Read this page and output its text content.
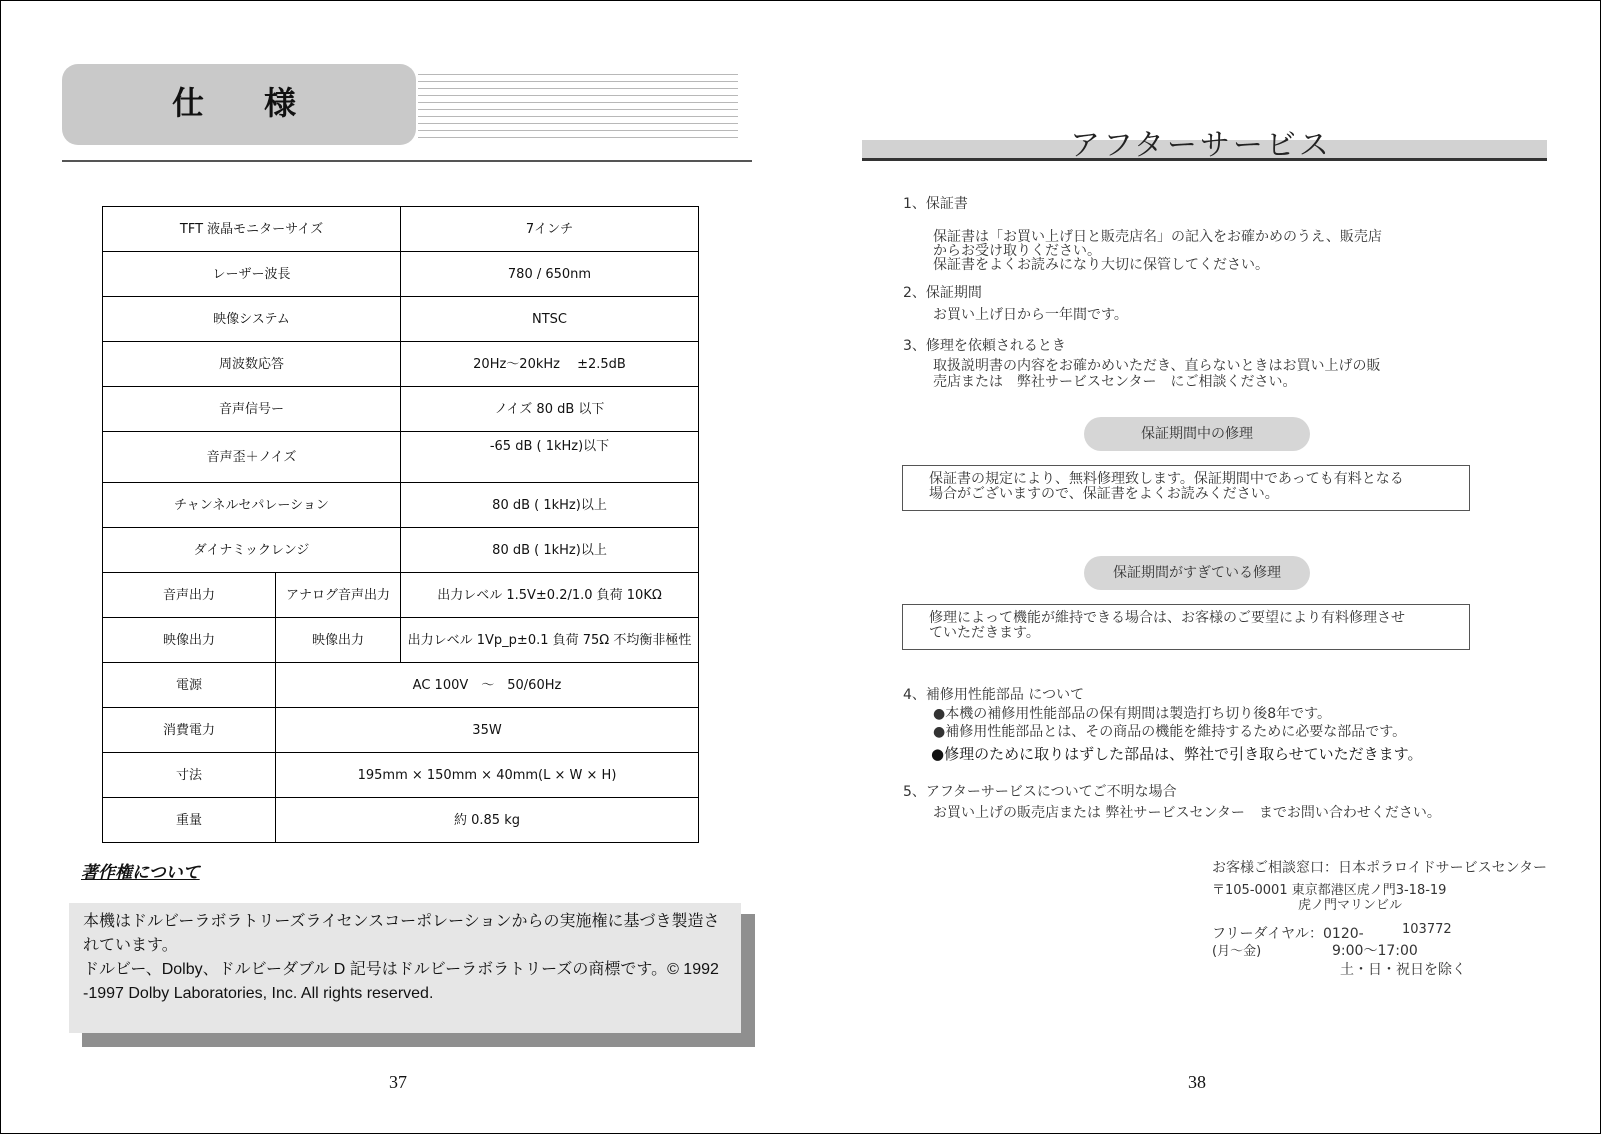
仕　様
TFT 液晶モニターサイズ		7インチ
レーザー波長		780 / 650nm
映像システム		NTSC
周波数応答		20Hz～20kHz　 ±2.5dB
音声信号ー		ノイズ 80 dB 以下
音声歪＋ノイズ		-65 dB ( 1kHz)以下
チャンネルセパレーション		80 dB ( 1kHz)以上
ダイナミックレンジ		80 dB ( 1kHz)以上
音声出力	アナログ音声出力	出力レベル 1.5V±0.2/1.0 負荷 10KΩ
映像出力	映像出力	出力レベル 1Vp_p±0.1 負荷 75Ω 不均衡非極性
電源	AC 100V　～　50/60Hz	
消費電力	35W	
寸法	195mm × 150mm × 40mm(L × W × H)	
重量	約 0.85 kg	
著作権について
本機はドルビーラボラトリーズライセンスコーポレーションからの実施権に基づき製造されています。
ドルビー、Dolby、ドルビーダブル D 記号はドルビーラボラトリーズの商標です。© 1992 -1997 Dolby Laboratories, Inc. All rights reserved.
37
アフターサービス
1、保証書
保証書は「お買い上げ日と販売店名」の記入をお確かめのうえ、販売店
からお受け取りください。
保証書をよくお読みになり大切に保管してください。
2、保証期間
お買い上げ日から一年間です。
3、修理を依頼されるとき
取扱説明書の内容をお確かめいただき、直らないときはお買い上げの販
売店または　弊社サービスセンター　にご相談ください。
保証期間中の修理
保証書の規定により、無料修理致します。保証期間中であっても有料となる
場合がございますので、保証書をよくお読みください。
保証期間がすぎている修理
修理によって機能が維持できる場合は、お客様のご要望により有料修理させ
ていただきます。
4、補修用性能部品 について
●本機の補修用性能部品の保有期間は製造打ち切り後8年です。
●補修用性能部品とは、その商品の機能を維持するために必要な部品です。
●修理のために取りはずした部品は、弊社で引き取らせていただきます。
5、アフターサービスについてご不明な場合
お買い上げの販売店または 弊社サービスセンター　までお問い合わせください。
お客様ご相談窓口：日本ポラロイドサービスセンター
〒105-0001 東京都港区虎ノ門3-18-19
虎ノ門マリンビル
フリーダイヤル：0120-	103772
(月～金)	9:00～17:00
土・日・祝日を除く
38
